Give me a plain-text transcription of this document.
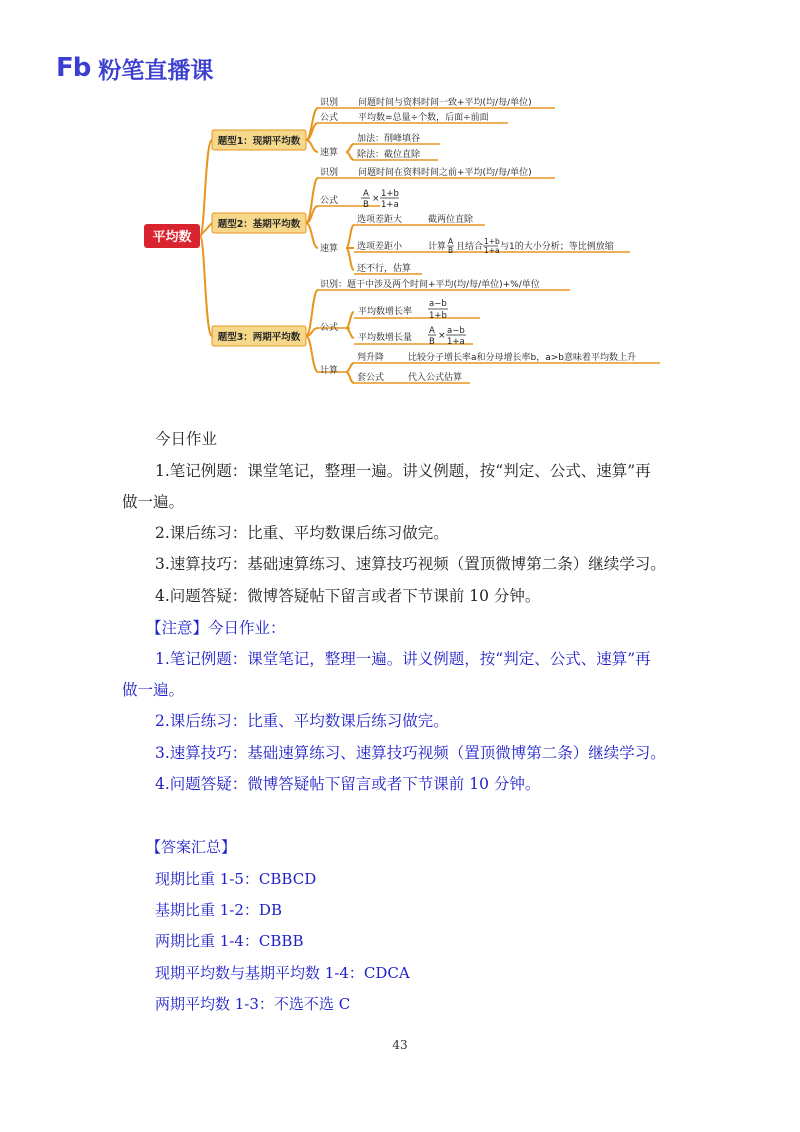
Fb 粉笔直播课
平均数
题型1：现期平均数
题型2：基期平均数
题型3：两期平均数
识别 问题时间与资料时间一致+平均(均/每/单位)
公式 平均数=总量÷个数，后面÷前面
速算
加法：削峰填谷
除法：截位直除
识别 问题时间在资料时间之前+平均(均/每/单位)
公式
A
B
× 1+b
1+a
速算
选项差距大	截两位直除
选项差距小	计算
A
B 且结合
1+b
1+a 与1的大小分析；等比例放缩
还不行，估算
识别：题干中涉及两个时间+平均(均/每/单位)+%/单位
公式
平均数增长率
a−b
1+b
平均数增长量
A
B
× a−b
1+a
计算
判升降	比较分子增长率a和分母增长率b，a>b意味着平均数上升
套公式	代入公式估算
今日作业
1.笔记例题：课堂笔记，整理一遍。讲义例题，按“判定、公式、速算”再
做一遍。
2.课后练习：比重、平均数课后练习做完。
3.速算技巧：基础速算练习、速算技巧视频（置顶微博第二条）继续学习。
4.问题答疑：微博答疑帖下留言或者下节课前 10 分钟。
【注意】今日作业：
1.笔记例题：课堂笔记，整理一遍。讲义例题，按“判定、公式、速算”再
做一遍。
2.课后练习：比重、平均数课后练习做完。
3.速算技巧：基础速算练习、速算技巧视频（置顶微博第二条）继续学习。
4.问题答疑：微博答疑帖下留言或者下节课前 10 分钟。
【答案汇总】
现期比重 1-5：CBBCD
基期比重 1-2：DB
两期比重 1-4：CBBB
现期平均数与基期平均数 1-4：CDCA
两期平均数 1-3：不选不选 C
43
